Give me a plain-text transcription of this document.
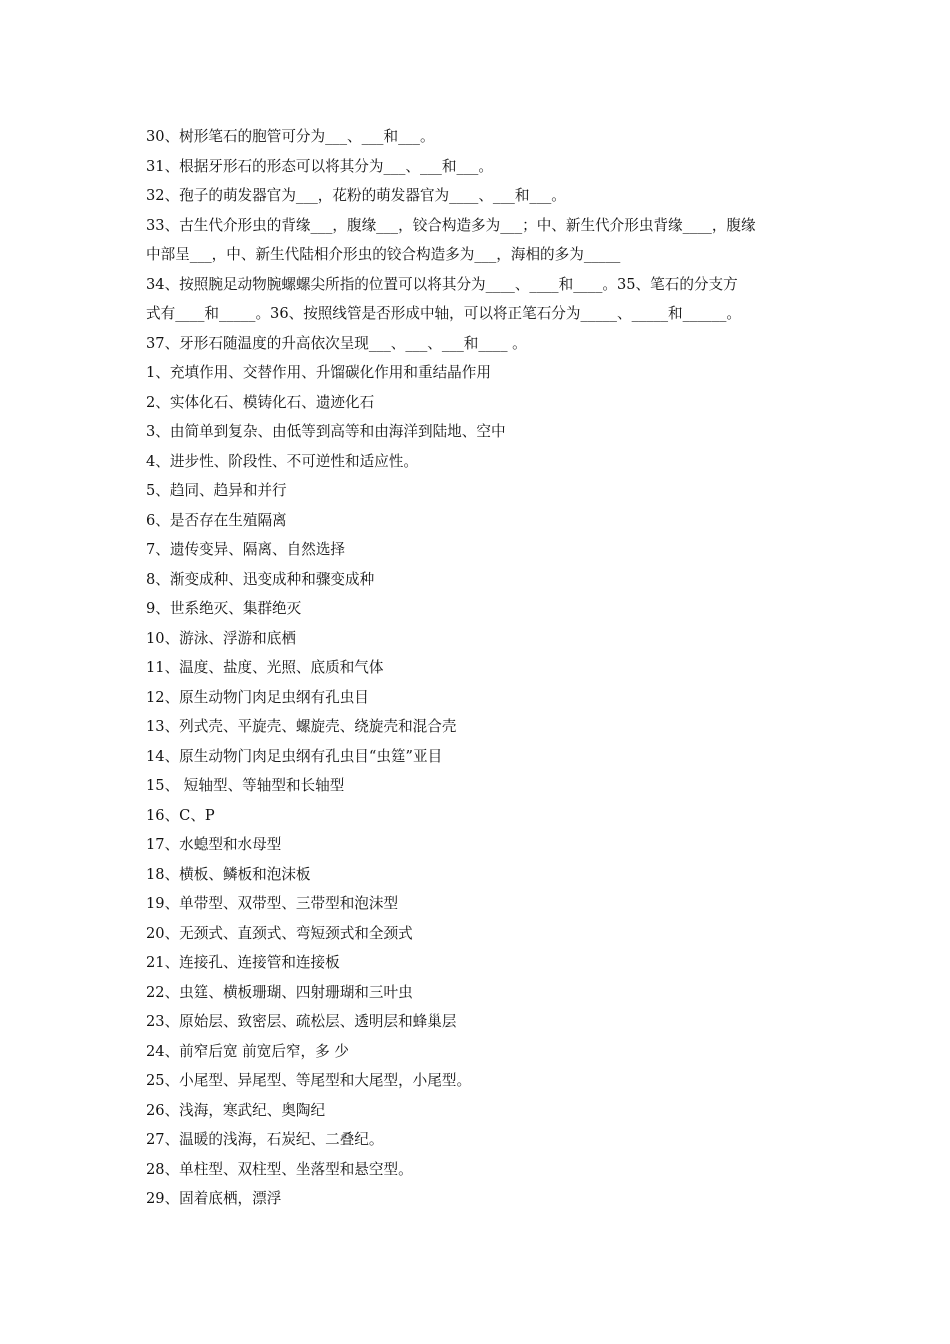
30、树形笔石的胞管可分为___、___和___。
31、根据牙形石的形态可以将其分为___、___和___。
32、孢子的萌发器官为___，花粉的萌发器官为____、___和___。
33、古生代介形虫的背缘___，腹缘___，铰合构造多为___；中、新生代介形虫背缘____，腹缘
中部呈___，中、新生代陆相介形虫的铰合构造多为___，海相的多为_____
34、按照腕足动物腕螺螺尖所指的位置可以将其分为____、____和____。35、笔石的分支方
式有____和_____。36、按照线管是否形成中轴，可以将正笔石分为_____、_____和______。
37、牙形石随温度的升高依次呈现___、___、___和____ 。
1、充填作用、交替作用、升馏碳化作用和重结晶作用
2、实体化石、模铸化石、遗迹化石
3、由简单到复杂、由低等到高等和由海洋到陆地、空中
4、进步性、阶段性、不可逆性和适应性。
5、趋同、趋异和并行
6、是否存在生殖隔离
7、遗传变异、隔离、自然选择
8、渐变成种、迅变成种和骤变成种
9、世系绝灭、集群绝灭
10、游泳、浮游和底栖
11、温度、盐度、光照、底质和气体
12、原生动物门肉足虫纲有孔虫目
13、列式壳、平旋壳、螺旋壳、绕旋壳和混合壳
14、原生动物门肉足虫纲有孔虫目“虫筳”亚目
15、 短轴型、等轴型和长轴型
16、C、P
17、水螅型和水母型
18、横板、鳞板和泡沫板
19、单带型、双带型、三带型和泡沫型
20、无颈式、直颈式、弯短颈式和全颈式
21、连接孔、连接管和连接板
22、虫筳、横板珊瑚、四射珊瑚和三叶虫
23、原始层、致密层、疏松层、透明层和蜂巢层
24、前窄后宽 前宽后窄，多 少
25、小尾型、异尾型、等尾型和大尾型，小尾型。
26、浅海，寒武纪、奥陶纪
27、温暖的浅海，石炭纪、二叠纪。
28、单柱型、双柱型、坐落型和悬空型。
29、固着底栖，漂浮
